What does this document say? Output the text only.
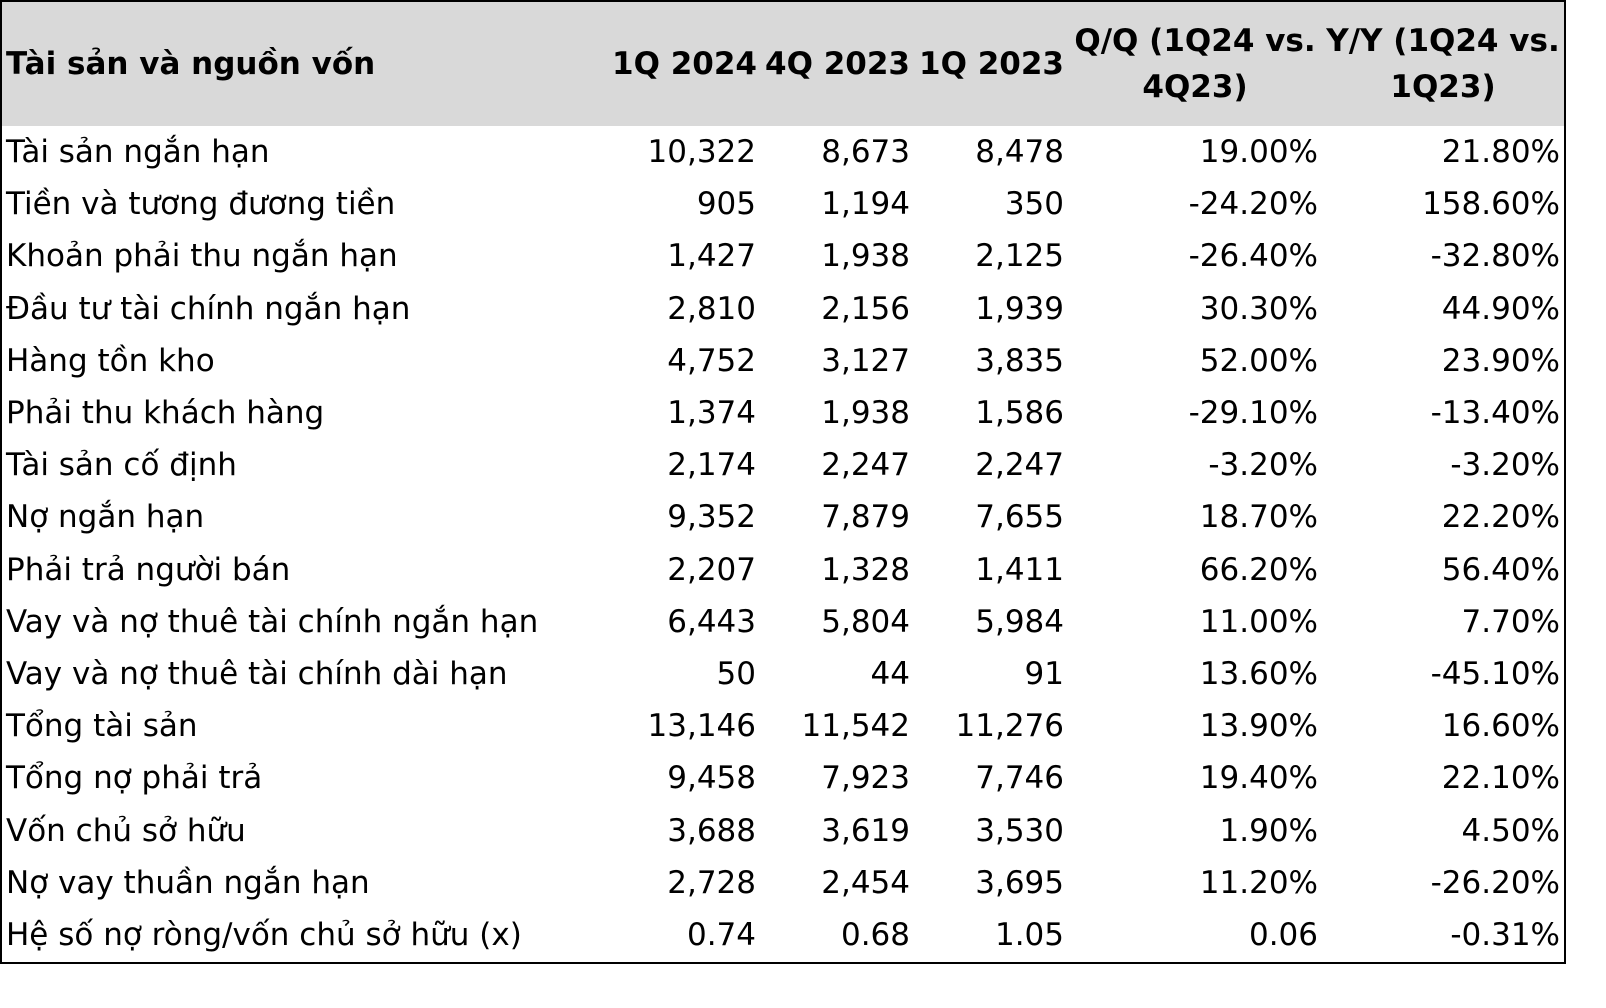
Tài sản và nguồn vốn	1Q 2024	4Q 2023	1Q 2023	Q/Q (1Q24 vs. 4Q23)	Y/Y (1Q24 vs. 1Q23)
Tài sản ngắn hạn	10,322	8,673	8,478	19.00%	21.80%
Tiền và tương đương tiền	905	1,194	350	-24.20%	158.60%
Khoản phải thu ngắn hạn	1,427	1,938	2,125	-26.40%	-32.80%
Đầu tư tài chính ngắn hạn	2,810	2,156	1,939	30.30%	44.90%
Hàng tồn kho	4,752	3,127	3,835	52.00%	23.90%
Phải thu khách hàng	1,374	1,938	1,586	-29.10%	-13.40%
Tài sản cố định	2,174	2,247	2,247	-3.20%	-3.20%
Nợ ngắn hạn	9,352	7,879	7,655	18.70%	22.20%
Phải trả người bán	2,207	1,328	1,411	66.20%	56.40%
Vay và nợ thuê tài chính ngắn hạn	6,443	5,804	5,984	11.00%	7.70%
Vay và nợ thuê tài chính dài hạn	50	44	91	13.60%	-45.10%
Tổng tài sản	13,146	11,542	11,276	13.90%	16.60%
Tổng nợ phải trả	9,458	7,923	7,746	19.40%	22.10%
Vốn chủ sở hữu	3,688	3,619	3,530	1.90%	4.50%
Nợ vay thuần ngắn hạn	2,728	2,454	3,695	11.20%	-26.20%
Hệ số nợ ròng/vốn chủ sở hữu (x)	0.74	0.68	1.05	0.06	-0.31%
